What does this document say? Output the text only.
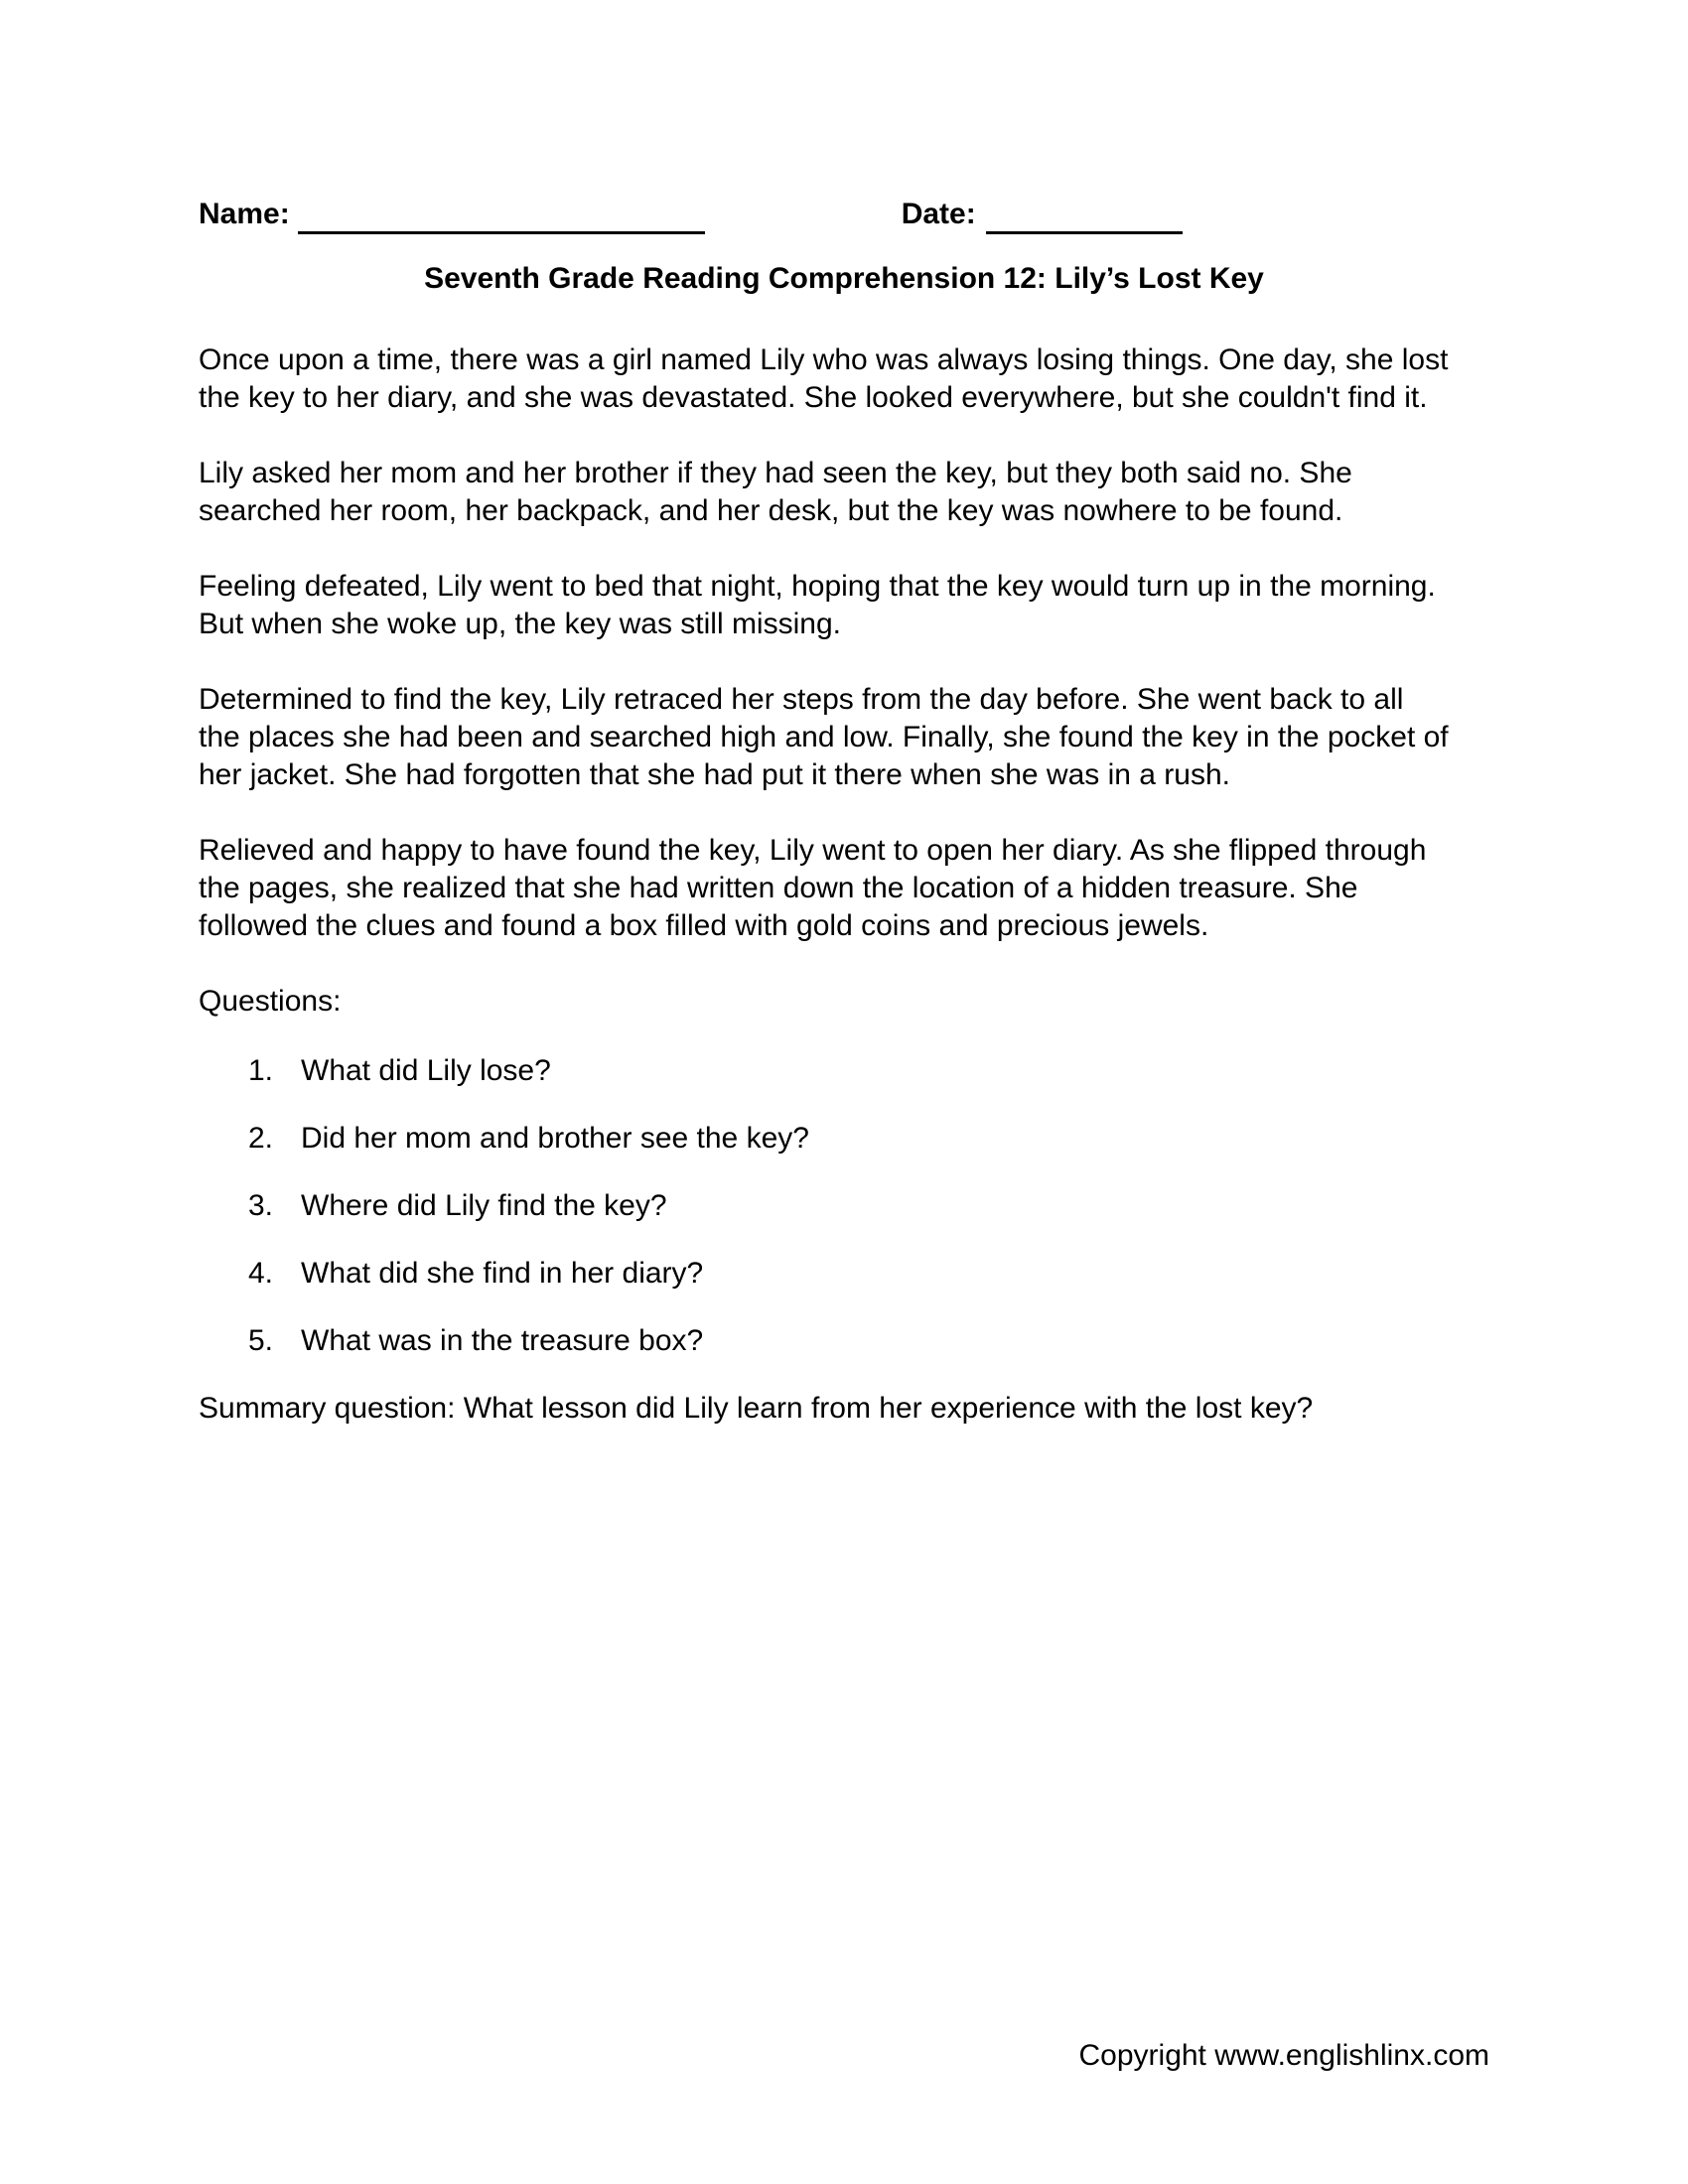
Name:	Date:
Seventh Grade Reading Comprehension 12: Lily’s Lost Key
Once upon a time, there was a girl named Lily who was always losing things. One day, she lost
the key to her diary, and she was devastated. She looked everywhere, but she couldn't find it.
Lily asked her mom and her brother if they had seen the key, but they both said no. She
searched her room, her backpack, and her desk, but the key was nowhere to be found.
Feeling defeated, Lily went to bed that night, hoping that the key would turn up in the morning.
But when she woke up, the key was still missing.
Determined to find the key, Lily retraced her steps from the day before. She went back to all
the places she had been and searched high and low. Finally, she found the key in the pocket of
her jacket. She had forgotten that she had put it there when she was in a rush.
Relieved and happy to have found the key, Lily went to open her diary. As she flipped through
the pages, she realized that she had written down the location of a hidden treasure. She
followed the clues and found a box filled with gold coins and precious jewels.
Questions:
1. What did Lily lose?
2. Did her mom and brother see the key?
3. Where did Lily find the key?
4. What did she find in her diary?
5. What was in the treasure box?
Summary question: What lesson did Lily learn from her experience with the lost key?
Copyright www.englishlinx.com
